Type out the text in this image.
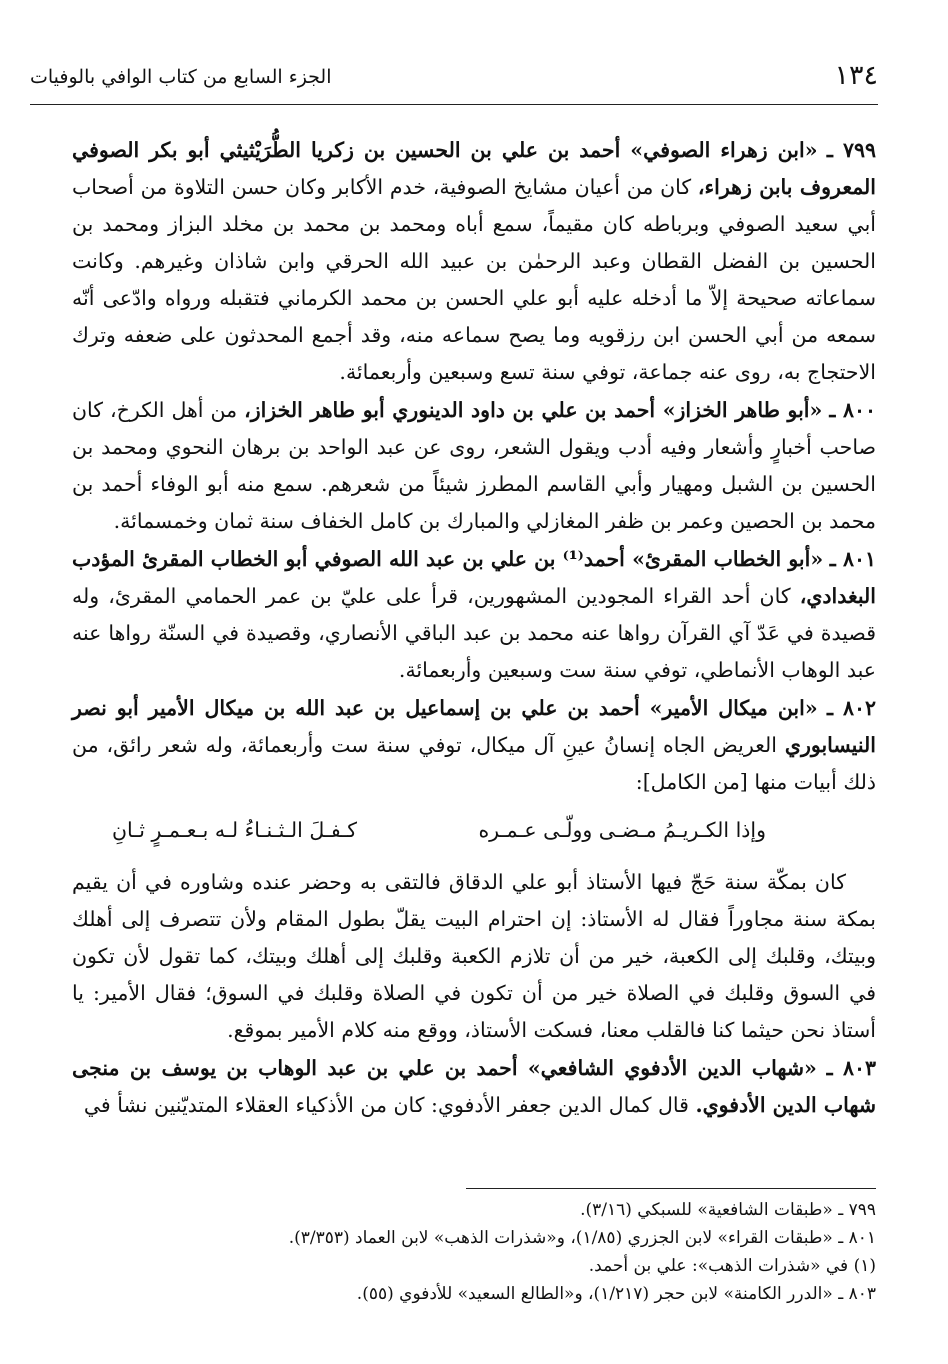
١٣٤
الجزء السابع من كتاب الوافي بالوفيات

٧٩٩ ـ «ابن زهراء الصوفي» أحمد بن علي بن الحسين بن زكريا الطُّرَيْثيثي أبو بكر الصوفي المعروف بابن زهراء، كان من أعيان مشايخ الصوفية، خدم الأكابر وكان حسن التلاوة من أصحاب أبي سعيد الصوفي وبرباطه كان مقيماً، سمع أباه ومحمد بن محمد بن مخلد البزاز ومحمد بن الحسين بن الفضل القطان وعبد الرحمٰن بن عبيد الله الحرقي وابن شاذان وغيرهم. وكانت سماعاته صحيحة إلاّ ما أدخله عليه أبو علي الحسن بن محمد الكرماني فتقبله ورواه وادّعى أنّه سمعه من أبي الحسن ابن رزقويه وما يصح سماعه منه، وقد أجمع المحدثون على ضعفه وترك الاحتجاج به، روى عنه جماعة، توفي سنة تسع وسبعين وأربعمائة.

٨٠٠ ـ «أبو طاهر الخزاز» أحمد بن علي بن داود الدينوري أبو طاهر الخزاز، من أهل الكرخ، كان صاحب أخبارٍ وأشعار وفيه أدب ويقول الشعر، روى عن عبد الواحد بن برهان النحوي ومحمد بن الحسين بن الشبل ومهيار وأبي القاسم المطرز شيئاً من شعرهم. سمع منه أبو الوفاء أحمد بن محمد بن الحصين وعمر بن ظفر المغازلي والمبارك بن كامل الخفاف سنة ثمان وخمسمائة.

٨٠١ ـ «أبو الخطاب المقرئ» أحمد⁽¹⁾ بن علي بن عبد الله الصوفي أبو الخطاب المقرئ المؤدب البغدادي، كان أحد القراء المجودين المشهورين، قرأ على عليّ بن عمر الحمامي المقرئ، وله قصيدة في عَدّ آي القرآن رواها عنه محمد بن عبد الباقي الأنصاري، وقصيدة في السنّة رواها عنه عبد الوهاب الأنماطي، توفي سنة ست وسبعين وأربعمائة.

٨٠٢ ـ «ابن ميكال الأمير» أحمد بن علي بن إسماعيل بن عبد الله بن ميكال الأمير أبو نصر النيسابوري العريض الجاه إنسانُ عينِ آل ميكال، توفي سنة ست وأربعمائة، وله شعر رائق، من ذلك أبيات منها [من الكامل]:

وإذا الكـريـمُ مـضـى وولّـى عـمـره
كـفـلَ الـثـنـاءُ لـه بـعـمـرٍ ثـانِ

كان بمكّة سنة حَجّ فيها الأستاذ أبو علي الدقاق فالتقى به وحضر عنده وشاوره في أن يقيم بمكة سنة مجاوراً فقال له الأستاذ: إن احترام البيت يقلّ بطول المقام ولأن تتصرف إلى أهلك وبيتك، وقلبك إلى الكعبة، خير من أن تلازم الكعبة وقلبك إلى أهلك وبيتك، كما تقول لأن تكون في السوق وقلبك في الصلاة خير من أن تكون في الصلاة وقلبك في السوق؛ فقال الأمير: يا أستاذ نحن حيثما كنا فالقلب معنا، فسكت الأستاذ، ووقع منه كلام الأمير بموقع.

٨٠٣ ـ «شهاب الدين الأدفوي الشافعي» أحمد بن علي بن عبد الوهاب بن يوسف بن منجى شهاب الدين الأدفوي. قال كمال الدين جعفر الأدفوي: كان من الأذكياء العقلاء المتديّنين نشأ في

٧٩٩ ـ «طبقات الشافعية» للسبكي (٣/١٦).
٨٠١ ـ «طبقات القراء» لابن الجزري (١/٨٥)، و«شذرات الذهب» لابن العماد (٣/٣٥٣).
(١) في «شذرات الذهب»: علي بن أحمد.
٨٠٣ ـ «الدرر الكامنة» لابن حجر (١/٢١٧)، و«الطالع السعيد» للأدفوي (٥٥).
